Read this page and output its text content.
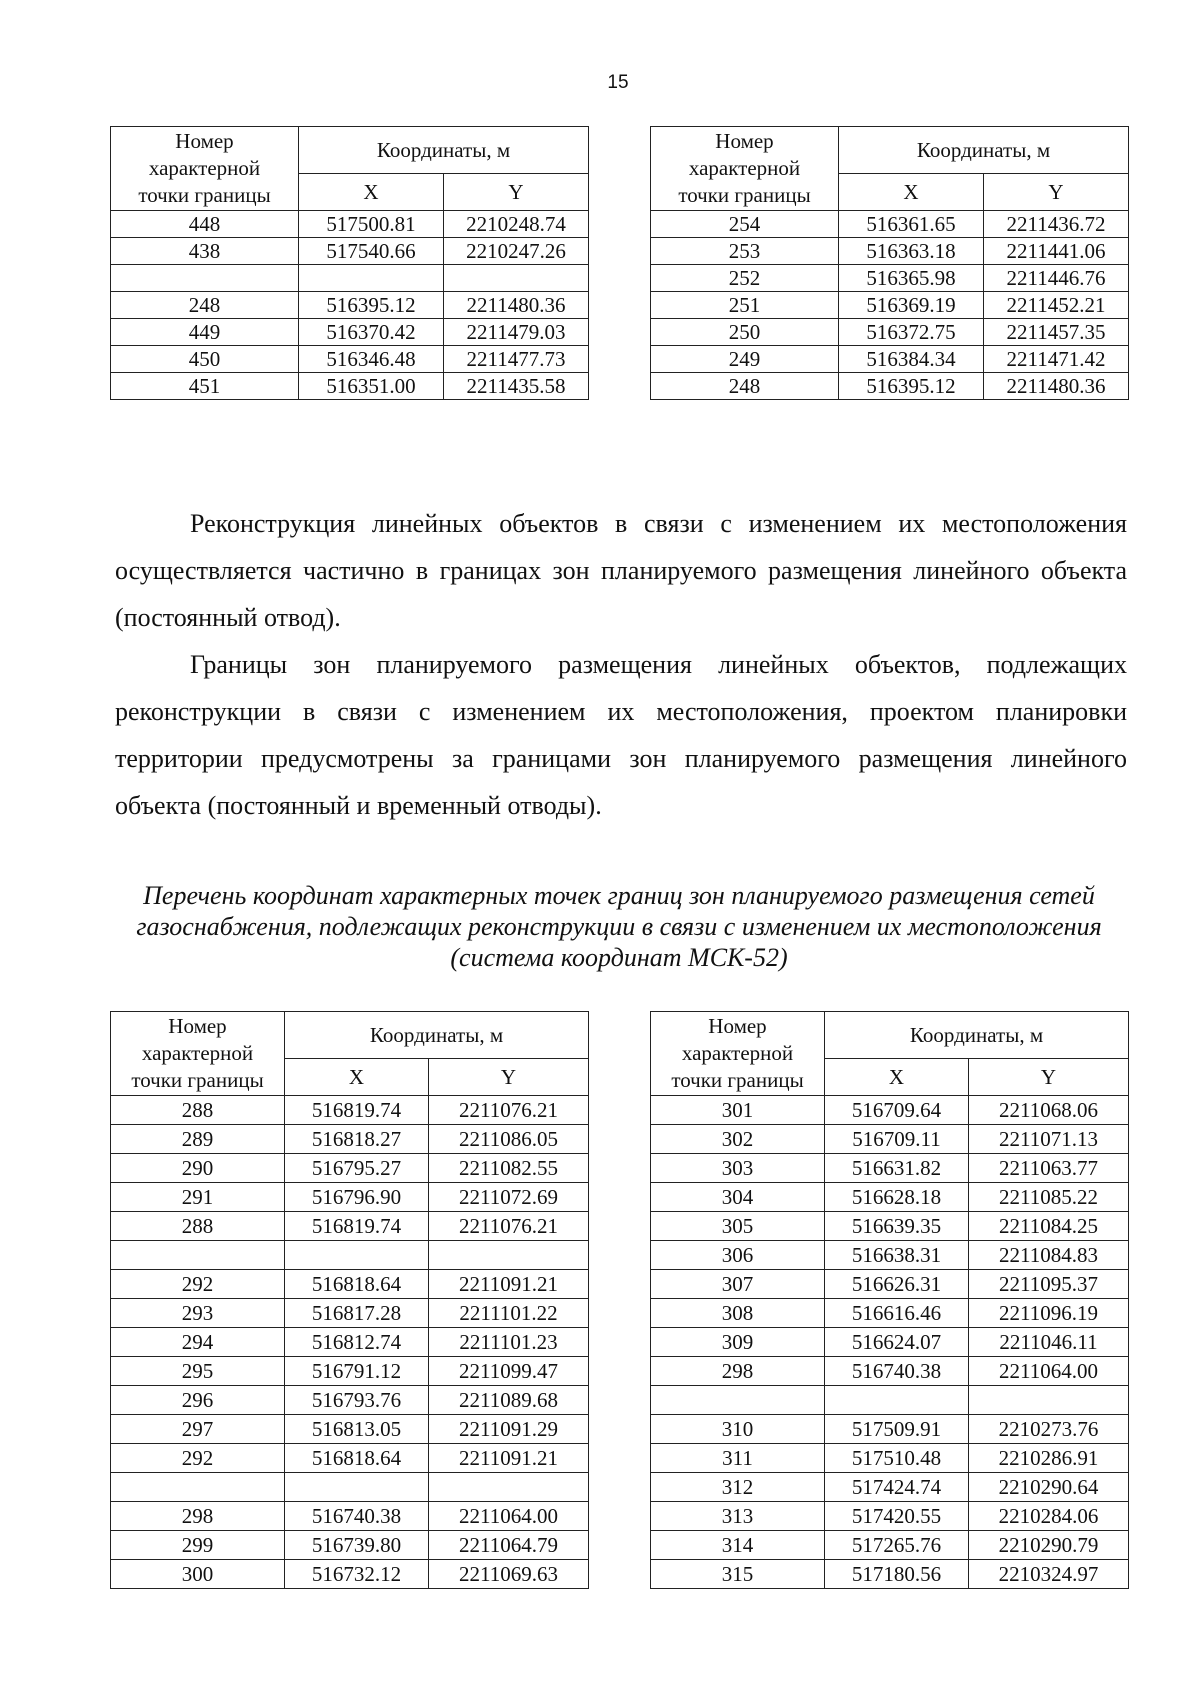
15
Номер
характерной
точки границы	Координаты, м	
	X	Y
448	517500.81	2210248.74
438	517540.66	2210247.26

248	516395.12	2211480.36
449	516370.42	2211479.03
450	516346.48	2211477.73
451	516351.00	2211435.58
Номер
характерной
точки границы	Координаты, м	
	X	Y
254	516361.65	2211436.72
253	516363.18	2211441.06
252	516365.98	2211446.76
251	516369.19	2211452.21
250	516372.75	2211457.35
249	516384.34	2211471.42
248	516395.12	2211480.36

Реконструкция линейных объектов в связи с изменением их местоположения осуществляется частично в границах зон планируемого размещения линейного объекта (постоянный отвод).

Границы зон планируемого размещения линейных объектов, подлежащих реконструкции в связи с изменением их местоположения, проектом планировки территории предусмотрены за границами зон планируемого размещения линейного объекта (постоянный и временный отводы).

Перечень координат характерных точек границ зон планируемого размещения сетей газоснабжения, подлежащих реконструкции в связи с изменением их местоположения (система координат МСК-52)
Номер
характерной
точки границы	Координаты, м	
	X	Y
288	516819.74	2211076.21
289	516818.27	2211086.05
290	516795.27	2211082.55
291	516796.90	2211072.69
288	516819.74	2211076.21

292	516818.64	2211091.21
293	516817.28	2211101.22
294	516812.74	2211101.23
295	516791.12	2211099.47
296	516793.76	2211089.68
297	516813.05	2211091.29
292	516818.64	2211091.21

298	516740.38	2211064.00
299	516739.80	2211064.79
300	516732.12	2211069.63
Номер
характерной
точки границы	Координаты, м	
	X	Y
301	516709.64	2211068.06
302	516709.11	2211071.13
303	516631.82	2211063.77
304	516628.18	2211085.22
305	516639.35	2211084.25
306	516638.31	2211084.83
307	516626.31	2211095.37
308	516616.46	2211096.19
309	516624.07	2211046.11
298	516740.38	2211064.00

310	517509.91	2210273.76
311	517510.48	2210286.91
312	517424.74	2210290.64
313	517420.55	2210284.06
314	517265.76	2210290.79
315	517180.56	2210324.97
